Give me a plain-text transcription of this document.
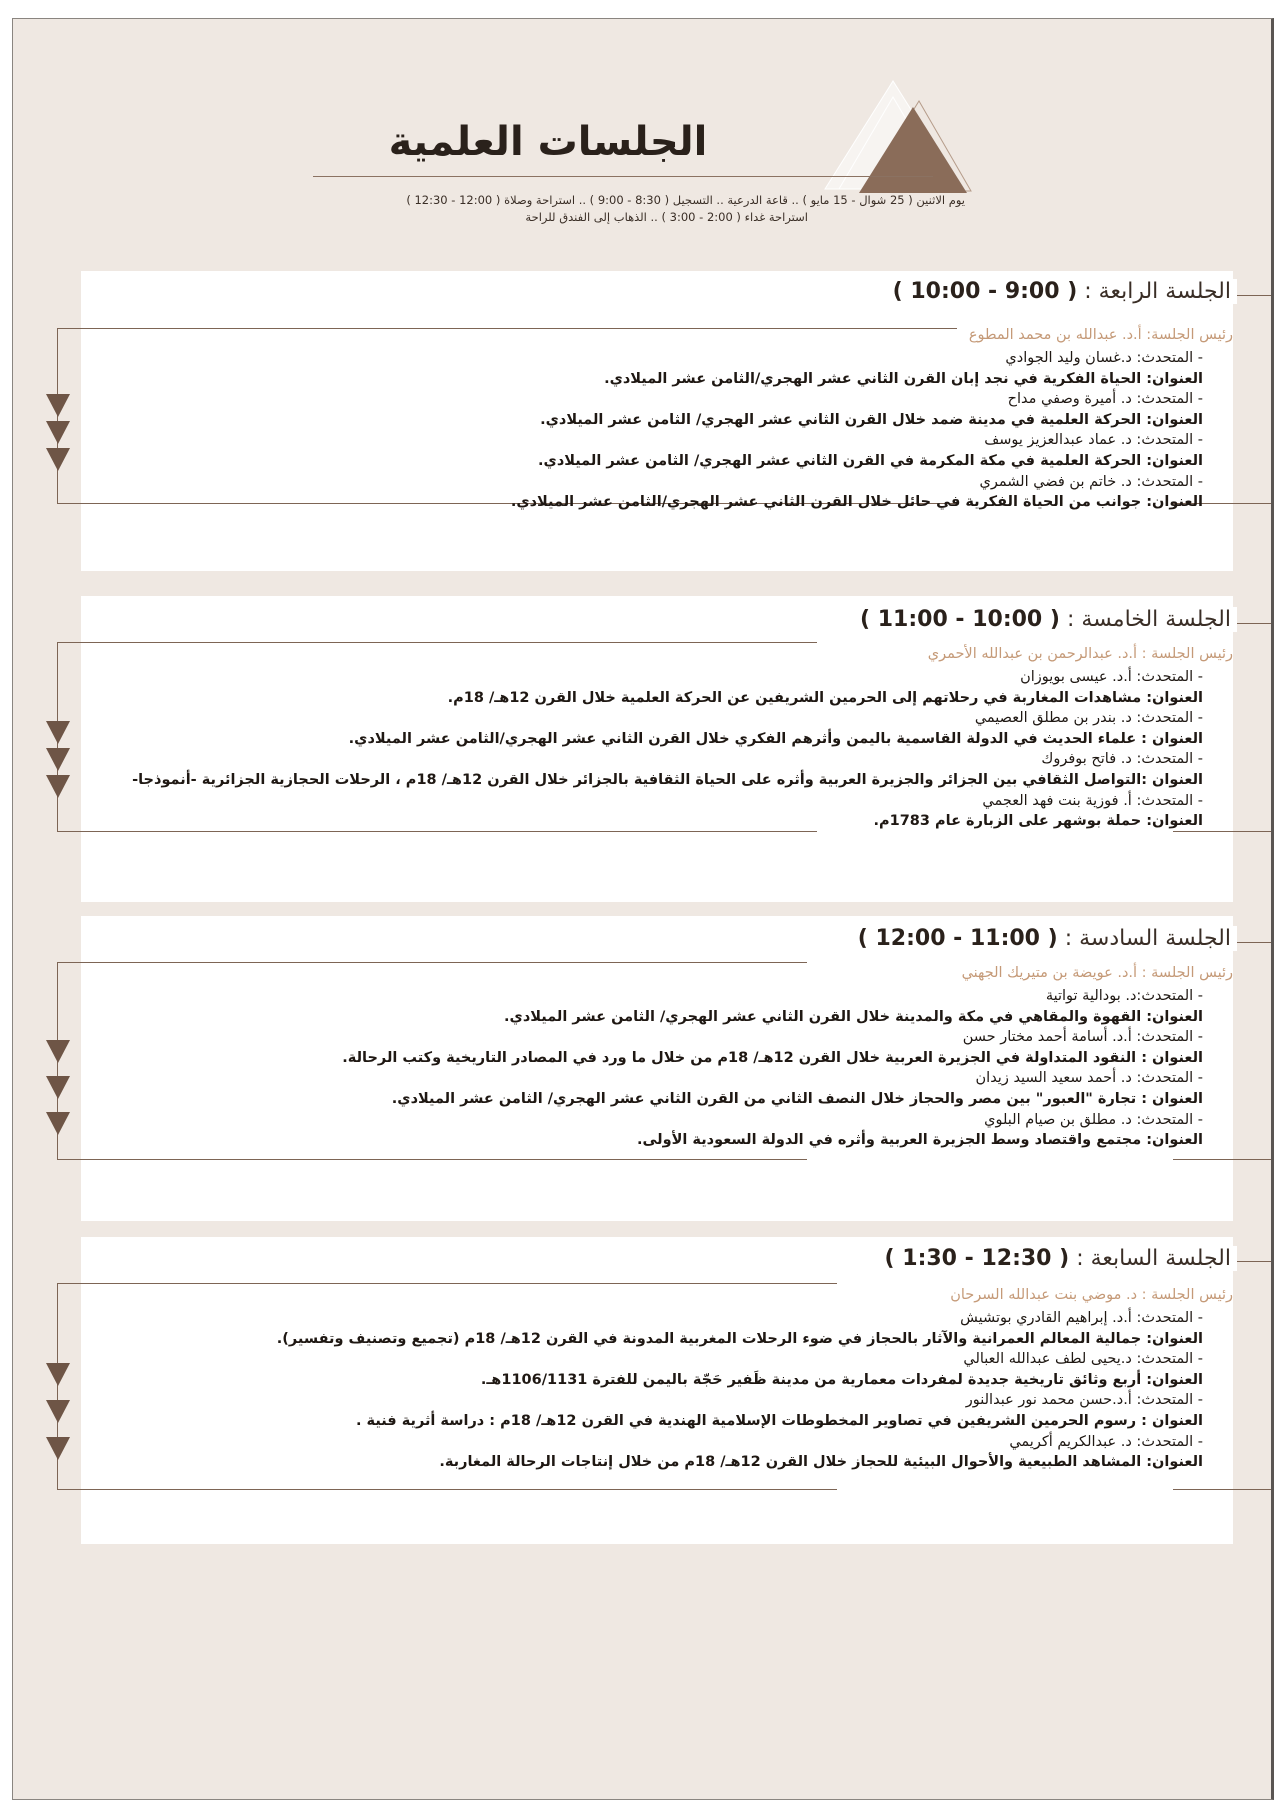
الجلسات العلمية
يوم الاثنين ( 25 شوال - 15 مايو ) .. قاعة الدرعية .. التسجيل ( 8:30 - 9:00 ) .. استراحة وصلاة ( 12:00 - 12:30 )
استراحة غداء ( 2:00 - 3:00 ) .. الذهاب إلى الفندق للراحة
الجلسة الرابعة : ( 9:00 - 10:00 )
رئيس الجلسة: أ.د. عبدالله بن محمد المطوع
- المتحدث: د.غسان وليد الجوادي
العنوان: الحياة الفكرية في نجد إبان القرن الثاني عشر الهجري/الثامن عشر الميلادي.
- المتحدث: د. أميرة وصفي مداح
العنوان: الحركة العلمية في مدينة ضمد خلال القرن الثاني عشر الهجري/ الثامن عشر الميلادي.
- المتحدث: د. عماد عبدالعزيز يوسف
العنوان: الحركة العلمية في مكة المكرمة في القرن الثاني عشر الهجري/ الثامن عشر الميلادي.
- المتحدث: د. خاتم بن فضي الشمري
العنوان: جوانب من الحياة الفكرية في حائل خلال القرن الثاني عشر الهجري/الثامن عشر الميلادي.
الجلسة الخامسة : ( 10:00 - 11:00 )
رئيس الجلسة : أ.د. عبدالرحمن بن عبدالله الأحمري
- المتحدث: أ.د. عيسى بويوزان
العنوان: مشاهدات المغاربة في رحلاتهم إلى الحرمين الشريفين عن الحركة العلمية خلال القرن 12هـ/ 18م.
- المتحدث: د. بندر بن مطلق العصيمي
العنوان : علماء الحديث في الدولة القاسمية باليمن وأثرهم الفكري خلال القرن الثاني عشر الهجري/الثامن عشر الميلادي.
- المتحدث: د. فاتح بوفروك
العنوان :التواصل الثقافي بين الجزائر والجزيرة العربية وأثره على الحياة الثقافية بالجزائر خلال القرن 12هـ/ 18م ، الرحلات الحجازية الجزائرية -أنموذجا-
- المتحدث: أ. فوزية بنت فهد العجمي
العنوان: حملة بوشهر على الزبارة عام 1783م.
الجلسة السادسة : ( 11:00 - 12:00 )
رئيس الجلسة : أ.د. عويضة بن متيريك الجهني
- المتحدث:د. بودالية تواتية
العنوان: القهوة والمقاهي في مكة والمدينة خلال القرن الثاني عشر الهجري/ الثامن عشر الميلادي.
- المتحدث: أ.د. أسامة أحمد مختار حسن
العنوان : النقود المتداولة في الجزيرة العربية خلال القرن 12هـ/ 18م من خلال ما ورد في المصادر التاريخية وكتب الرحالة.
- المتحدث: د. أحمد سعيد السيد زيدان
العنوان : تجارة "العبور" بين مصر والحجاز خلال النصف الثاني من القرن الثاني عشر الهجري/ الثامن عشر الميلادي.
- المتحدث: د. مطلق بن صيام البلوي
العنوان: مجتمع واقتصاد وسط الجزيرة العربية وأثره في الدولة السعودية الأولى.
الجلسة السابعة : ( 12:30 - 1:30 )
رئيس الجلسة : د. موضي بنت عبدالله السرحان
- المتحدث: أ.د. إبراهيم القادري بوتشيش
العنوان: جمالية المعالم العمرانية والآثار بالحجاز في ضوء الرحلات المغربية المدونة في القرن 12هـ/ 18م (تجميع وتصنيف وتفسير).
- المتحدث: د.يحيى لطف عبدالله العبالي
العنوان: أربع وثائق تاريخية جديدة لمفردات معمارية من مدينة ظَفير حَجّة باليمن للفترة 1106/1131هـ.
- المتحدث: أ.د.حسن محمد نور عبدالنور
العنوان : رسوم الحرمين الشريفين في تصاوير المخطوطات الإسلامية الهندية في القرن 12هـ/ 18م : دراسة أثرية فنية .
- المتحدث: د. عبدالكريم أكريمي
العنوان: المشاهد الطبيعية والأحوال البيئية للحجاز خلال القرن 12هـ/ 18م من خلال إنتاجات الرحالة المغاربة.
